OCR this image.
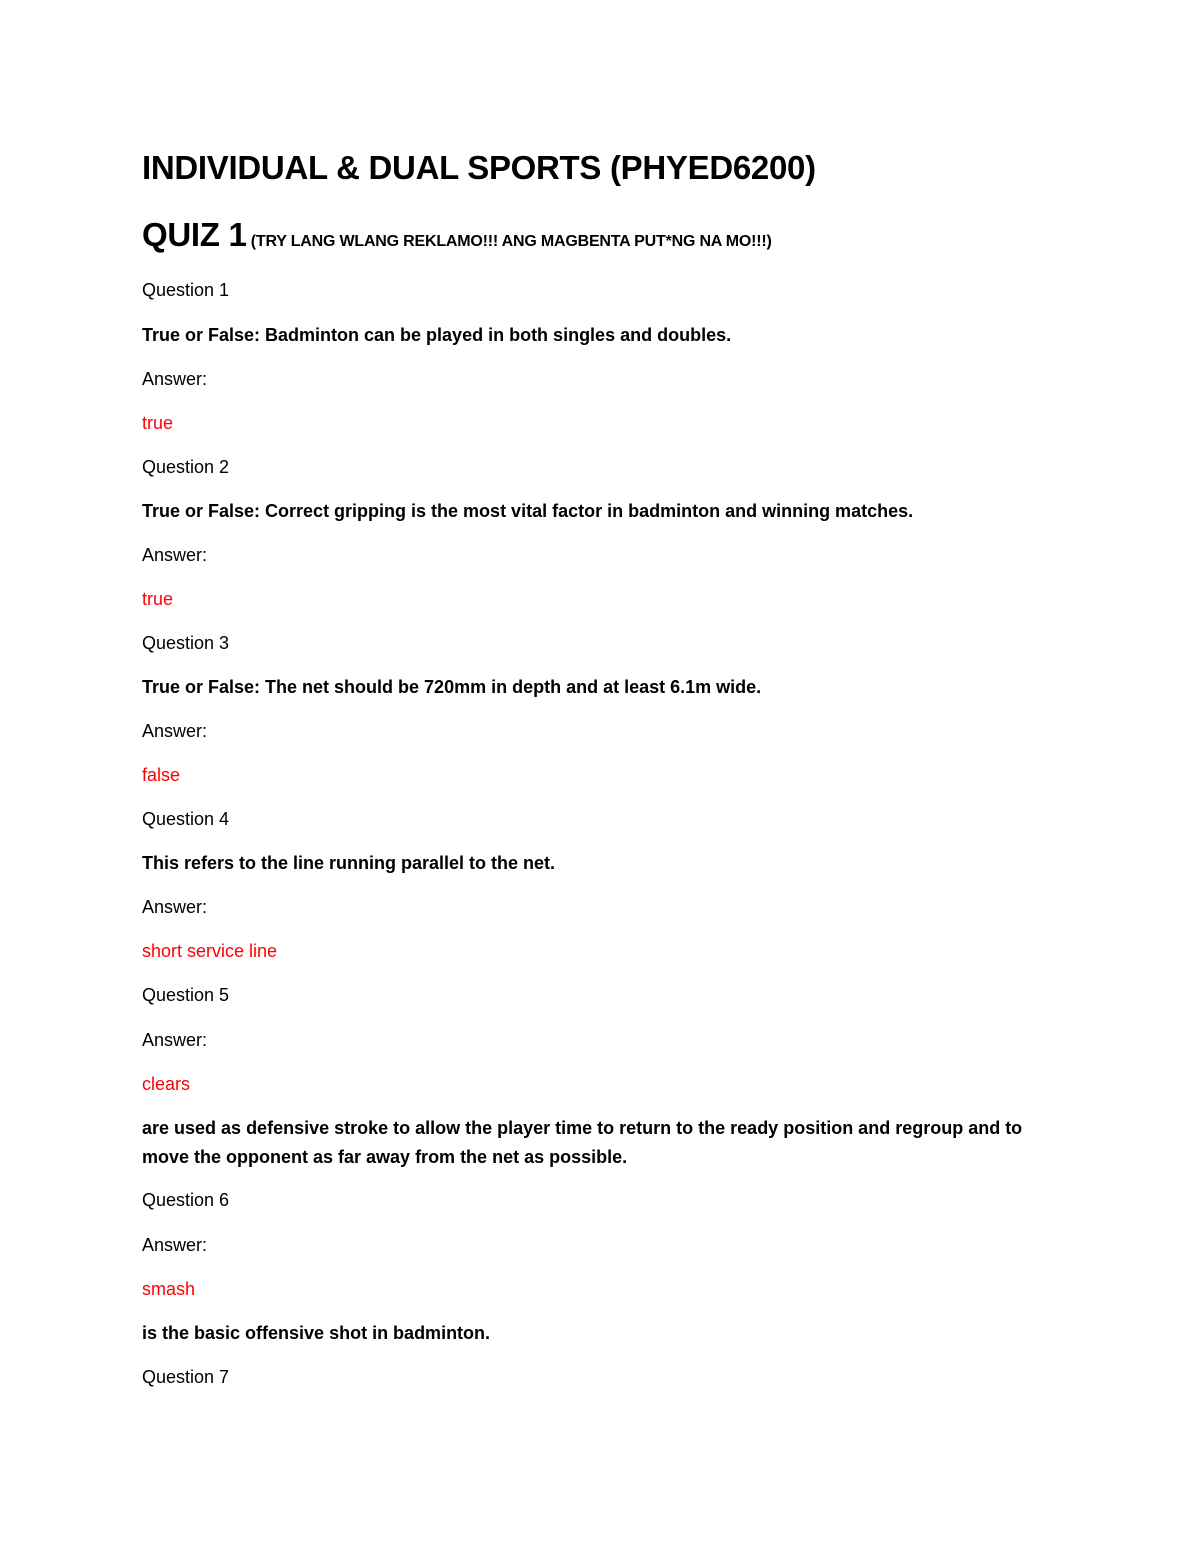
INDIVIDUAL & DUAL SPORTS (PHYED6200)
QUIZ 1 (TRY LANG WLANG REKLAMO!!! ANG MAGBENTA PUT*NG NA MO!!!)
Question 1
True or False: Badminton can be played in both singles and doubles.
Answer:
true
Question 2
True or False: Correct gripping is the most vital factor in badminton and winning matches.
Answer:
true
Question 3
True or False: The net should be 720mm in depth and at least 6.1m wide.
Answer:
false
Question 4
This refers to the line running parallel to the net.
Answer:
short service line
Question 5
Answer:
clears
are used as defensive stroke to allow the player time to return to the ready position and regroup and to move the opponent as far away from the net as possible.
Question 6
Answer:
smash
is the basic offensive shot in badminton.
Question 7
